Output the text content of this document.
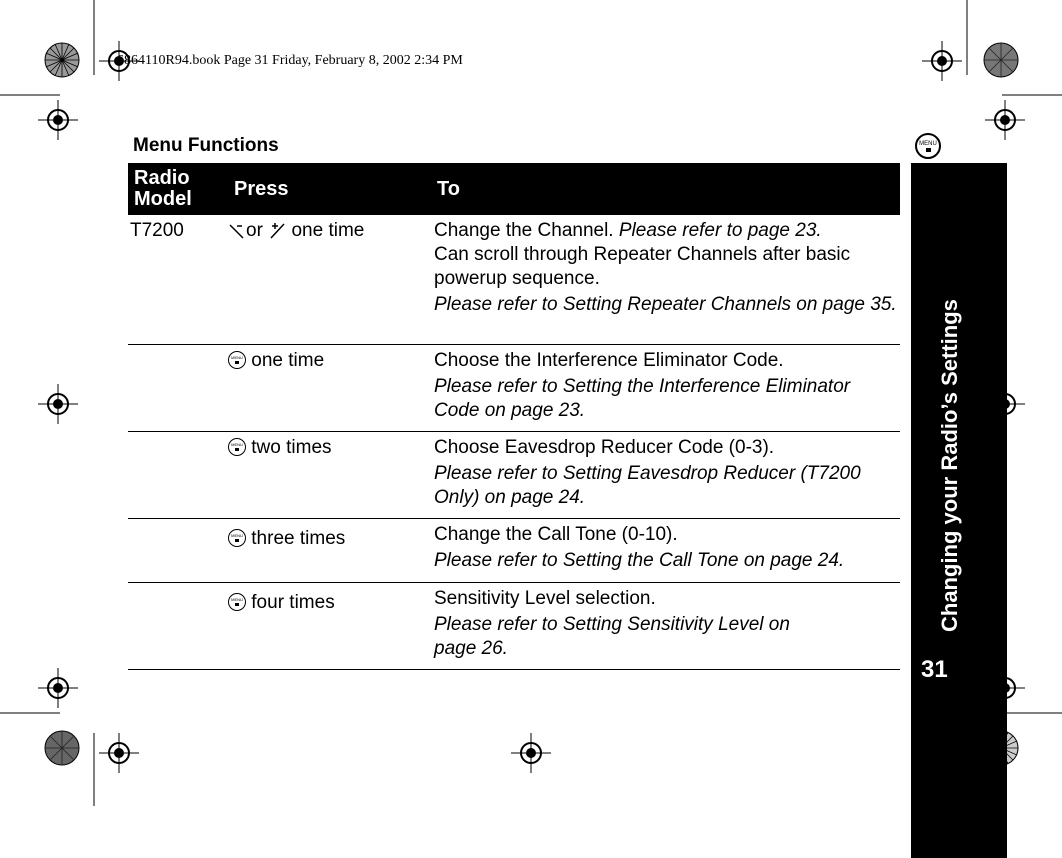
6864110R94.book Page 31 Friday, February 8, 2002 2:34 PM
Menu Functions	MENU
Changing your Radio’s Settings
31
Radio Model	Press	To
T7200	or one time	Change the Channel. Please refer to page 23.
Can scroll through Repeater Channels after basic powerup sequence.
Please refer to Setting Repeater Channels on page 35.

	MENU one time	Choose the Interference Eliminator Code.
Please refer to Setting the Interference Eliminator Code on page 23.

	MENU two times	Choose Eavesdrop Reducer Code (0-3).
Please refer to Setting Eavesdrop Reducer (T7200 Only) on page 24.

	MENU three times	Change the Call Tone (0-10).
Please refer to Setting the Call Tone on page 24.

	MENU four times	Sensitivity Level selection.
Please refer to Setting Sensitivity Level on page 26.
